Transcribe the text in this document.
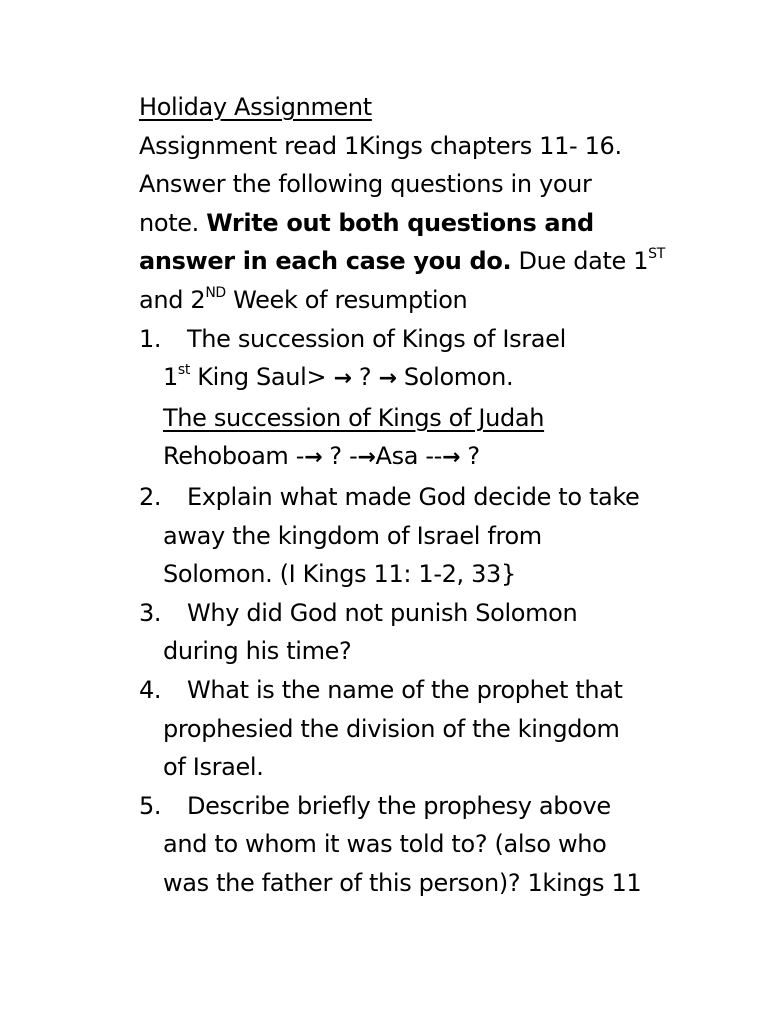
Holiday Assignment

Assignment read 1Kings chapters 11- 16.

Answer the following questions in your

note. Write out both questions and

answer in each case you do. Due date 1ST

and 2ND Week of resumption

1.	The succession of Kings of Israel

1st King Saul> → ? → Solomon.

The succession of Kings of Judah

Rehoboam -→ ? -→Asa --→ ?

2.	Explain what made God decide to take

away the kingdom of Israel from

Solomon. (I Kings 11: 1-2, 33}

3.	Why did God not punish Solomon

during his time?

4.	What is the name of the prophet that

prophesied the division of the kingdom

of Israel.

5.	Describe briefly the prophesy above

and to whom it was told to? (also who

was the father of this person)? 1kings 11
